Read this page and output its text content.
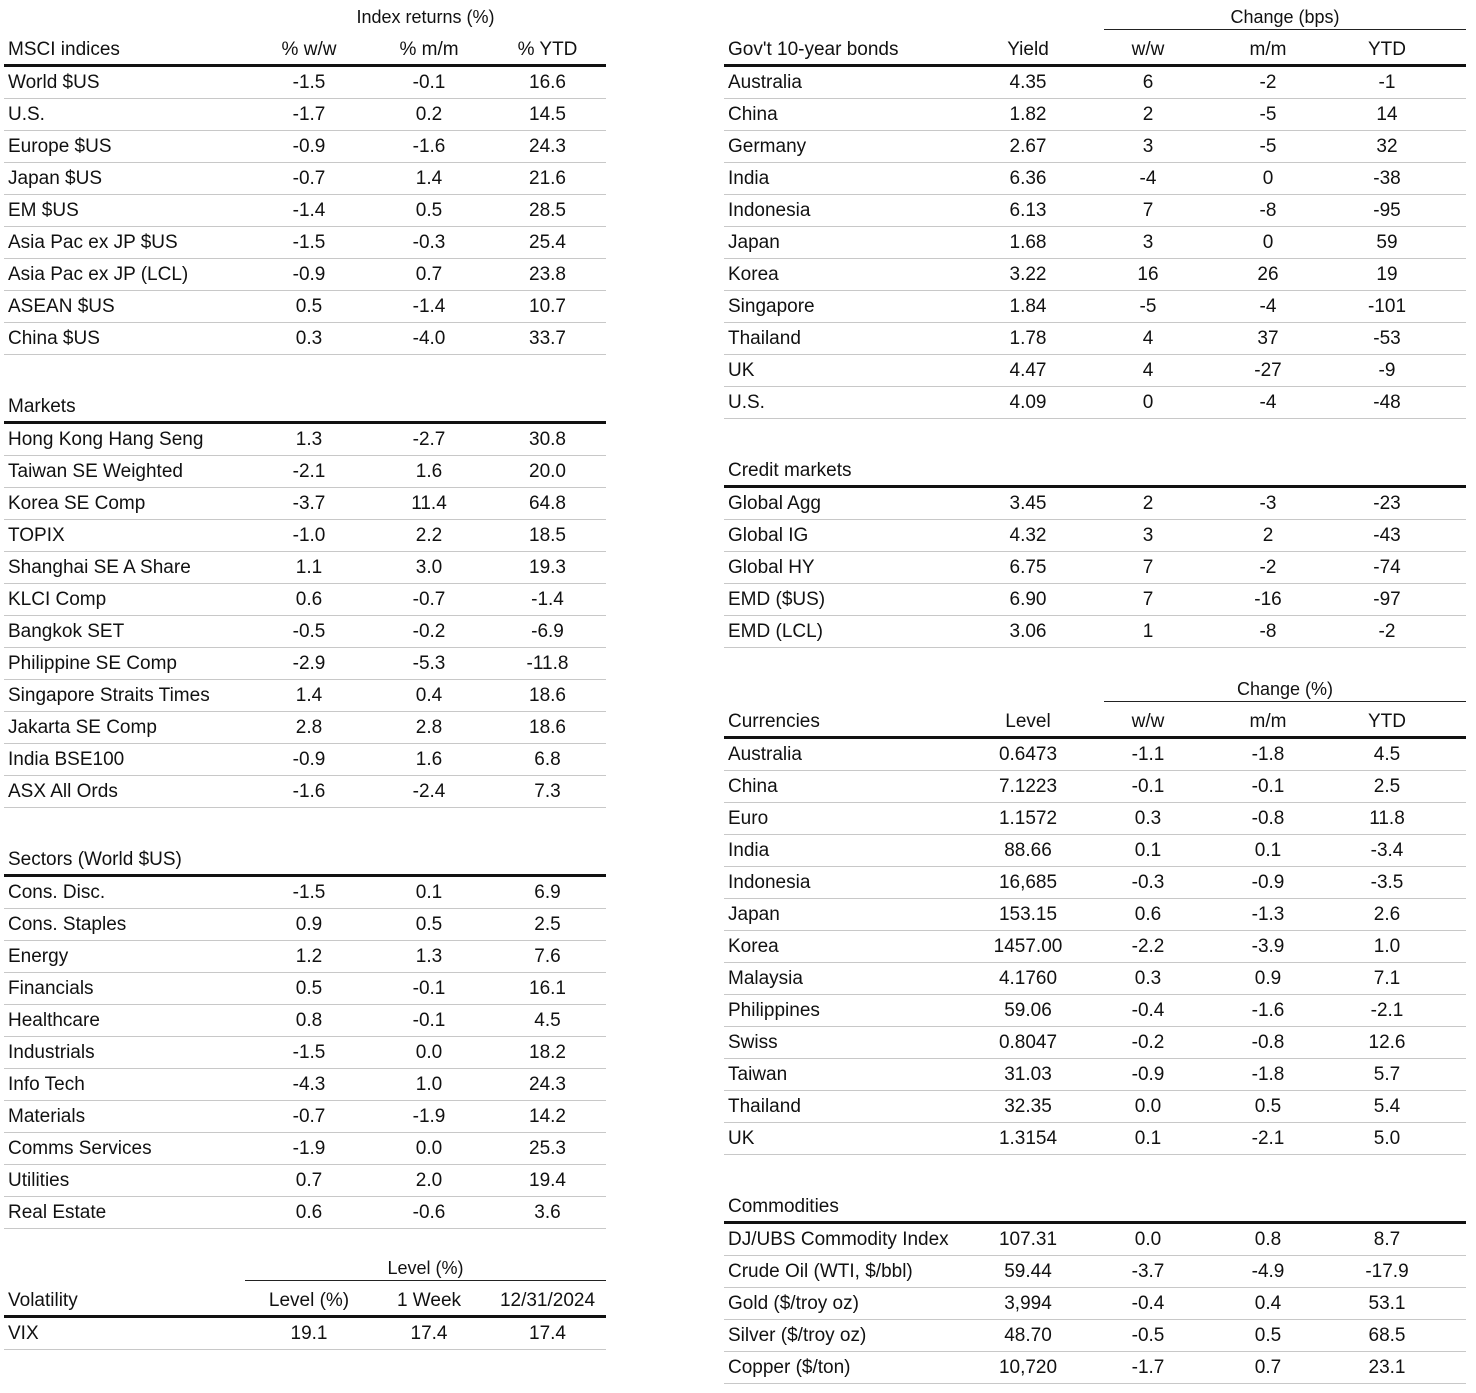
Index returns (%)
MSCI indices	% w/w	% m/m	% YTD
World $US	-1.5	-0.1	16.6
U.S.	-1.7	0.2	14.5
Europe $US	-0.9	-1.6	24.3
Japan $US	-0.7	1.4	21.6
EM $US	-1.4	0.5	28.5
Asia Pac ex JP $US	-1.5	-0.3	25.4
Asia Pac ex JP (LCL)	-0.9	0.7	23.8
ASEAN $US	0.5	-1.4	10.7
China $US	0.3	-4.0	33.7
Markets
Hong Kong Hang Seng	1.3	-2.7	30.8
Taiwan SE Weighted	-2.1	1.6	20.0
Korea SE Comp	-3.7	11.4	64.8
TOPIX	-1.0	2.2	18.5
Shanghai SE A Share	1.1	3.0	19.3
KLCI Comp	0.6	-0.7	-1.4
Bangkok SET	-0.5	-0.2	-6.9
Philippine SE Comp	-2.9	-5.3	-11.8
Singapore Straits Times	1.4	0.4	18.6
Jakarta SE Comp	2.8	2.8	18.6
India BSE100	-0.9	1.6	6.8
ASX All Ords	-1.6	-2.4	7.3
Sectors (World $US)
Cons. Disc.	-1.5	0.1	6.9
Cons. Staples	0.9	0.5	2.5
Energy	1.2	1.3	7.6
Financials	0.5	-0.1	16.1
Healthcare	0.8	-0.1	4.5
Industrials	-1.5	0.0	18.2
Info Tech	-4.3	1.0	24.3
Materials	-0.7	-1.9	14.2
Comms Services	-1.9	0.0	25.3
Utilities	0.7	2.0	19.4
Real Estate	0.6	-0.6	3.6
Level (%)
Volatility	Level (%)	1 Week	12/31/2024
VIX	19.1	17.4	17.4
Change (bps)
Gov't 10-year bonds	Yield	w/w	m/m	YTD
Australia	4.35	6	-2	-1
China	1.82	2	-5	14
Germany	2.67	3	-5	32
India	6.36	-4	0	-38
Indonesia	6.13	7	-8	-95
Japan	1.68	3	0	59
Korea	3.22	16	26	19
Singapore	1.84	-5	-4	-101
Thailand	1.78	4	37	-53
UK	4.47	4	-27	-9
U.S.	4.09	0	-4	-48
Credit markets
Global Agg	3.45	2	-3	-23
Global IG	4.32	3	2	-43
Global HY	6.75	7	-2	-74
EMD ($US)	6.90	7	-16	-97
EMD (LCL)	3.06	1	-8	-2
Change (%)
Currencies	Level	w/w	m/m	YTD
Australia	0.6473	-1.1	-1.8	4.5
China	7.1223	-0.1	-0.1	2.5
Euro	1.1572	0.3	-0.8	11.8
India	88.66	0.1	0.1	-3.4
Indonesia	16,685	-0.3	-0.9	-3.5
Japan	153.15	0.6	-1.3	2.6
Korea	1457.00	-2.2	-3.9	1.0
Malaysia	4.1760	0.3	0.9	7.1
Philippines	59.06	-0.4	-1.6	-2.1
Swiss	0.8047	-0.2	-0.8	12.6
Taiwan	31.03	-0.9	-1.8	5.7
Thailand	32.35	0.0	0.5	5.4
UK	1.3154	0.1	-2.1	5.0
Commodities
DJ/UBS Commodity Index	107.31	0.0	0.8	8.7
Crude Oil (WTI, $/bbl)	59.44	-3.7	-4.9	-17.9
Gold ($/troy oz)	3,994	-0.4	0.4	53.1
Silver ($/troy oz)	48.70	-0.5	0.5	68.5
Copper ($/ton)	10,720	-1.7	0.7	23.1
